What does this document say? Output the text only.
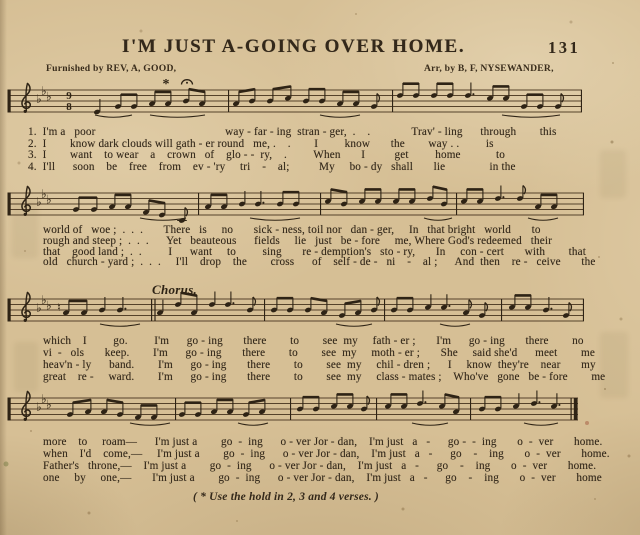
I'M JUST A-GOING OVER HOME.	131
Furnished by REV, A, GOOD,	Arr, by B, F, NYSEWANDER,
♭
♭ ♭ 9
8
*
♭
♭ ♭
♭
♭ ♭ ♮
♭
♭ ♭
Chorus.
1.  I'm a   poor                                            way - far - ing  stran - ger,  .    .              Trav' - ling      through        this
2.  I        know dark clouds will gath - er round   me, .    .        I         know       the        way . .         is
3.  I        want    to wear    a    crown   of    glo - -  ry,    .         When       I          get         home            to
4.  I'll      soon    be    free    from    ev - 'ry     tri    -    al;          My     bo - dy   shall       lie               in the
world of   woe ;  .  .  .       There   is     no       sick - ness, toil nor   dan - ger,     In   that bright   world       to
rough and steep ;  .  .  .      Yet   beauteous      fields     lie   just   be - fore     me, Where God's redeemed   their
that    good land ;  .  .         I      want     to         sing       re - demption's   sto - ry,       In     con - cert       with        that
old   church - yard ;  .  .  .     I'll    drop    the        cross      of    self - de -   ni    -    al ;      And  then    re -   ceive       the
which    I         go.         I'm      go - ing       there        to        see  my     fath - er ;       I'm      go - ing       there        no
vi  -   ols       keep.        I'm      go - ing       there        to        see  my     moth - er ;       She     said she'd      meet        me
heav'n - ly      band.        I'm      go - ing       there        to        see  my     chil - dren ;      I     know  they're    near       my
great    re -     ward.        I'm      go - ing       there        to        see  my     class - mates ;    Who've   gone   be - fore        me
more    to     roam—      I'm just a        go  -  ing      o - ver Jor - dan,    I'm just   a   -      go -  -  ing       o  -  ver       home.
when    I'd    come,—     I'm just a        go  -  ing      o - ver Jor - dan,    I'm just   a   -      go    -    ing       o  -  ver       home.
Father's   throne,—    I'm just a        go  -  ing      o - ver Jor - dan,    I'm just   a   -      go    -    ing       o  -  ver       home.
one     by     one,—       I'm just a        go  -  ing      o - ver Jor - dan,    I'm just   a   -      go    -    ing       o  -  ver       home
( * Use the hold in 2, 3 and 4 verses. )
